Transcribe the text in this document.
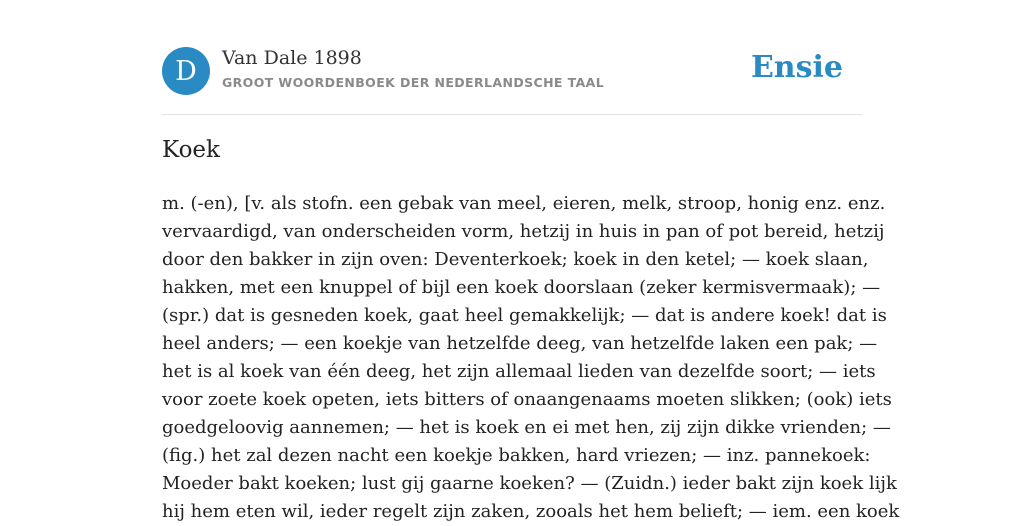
D Van Dale 1898
GROOT WOORDENBOEK DER NEDERLANDSCHE TAAL	Ensie
Koek

m. (-en), [v. als stofn. een gebak van meel, eieren, melk, stroop, honig enz. enz.
vervaardigd, van onderscheiden vorm, hetzij in huis in pan of pot bereid, hetzij
door den bakker in zijn oven: Deventerkoek; koek in den ketel; — koek slaan,
hakken, met een knuppel of bijl een koek doorslaan (zeker kermisvermaak); —
(spr.) dat is gesneden koek, gaat heel gemakkelijk; — dat is andere koek! dat is
heel anders; — een koekje van hetzelfde deeg, van hetzelfde laken een pak; —
het is al koek van één deeg, het zijn allemaal lieden van dezelfde soort; — iets
voor zoete koek opeten, iets bitters of onaangenaams moeten slikken; (ook) iets
goedgeloovig aannemen; — het is koek en ei met hen, zij zijn dikke vrienden; —
(fig.) het zal dezen nacht een koekje bakken, hard vriezen; — inz. pannekoek:
Moeder bakt koeken; lust gij gaarne koeken? — (Zuidn.) ieder bakt zijn koek lijk
hij hem eten wil, ieder regelt zijn zaken, zooals het hem belieft; — iem. een koek
